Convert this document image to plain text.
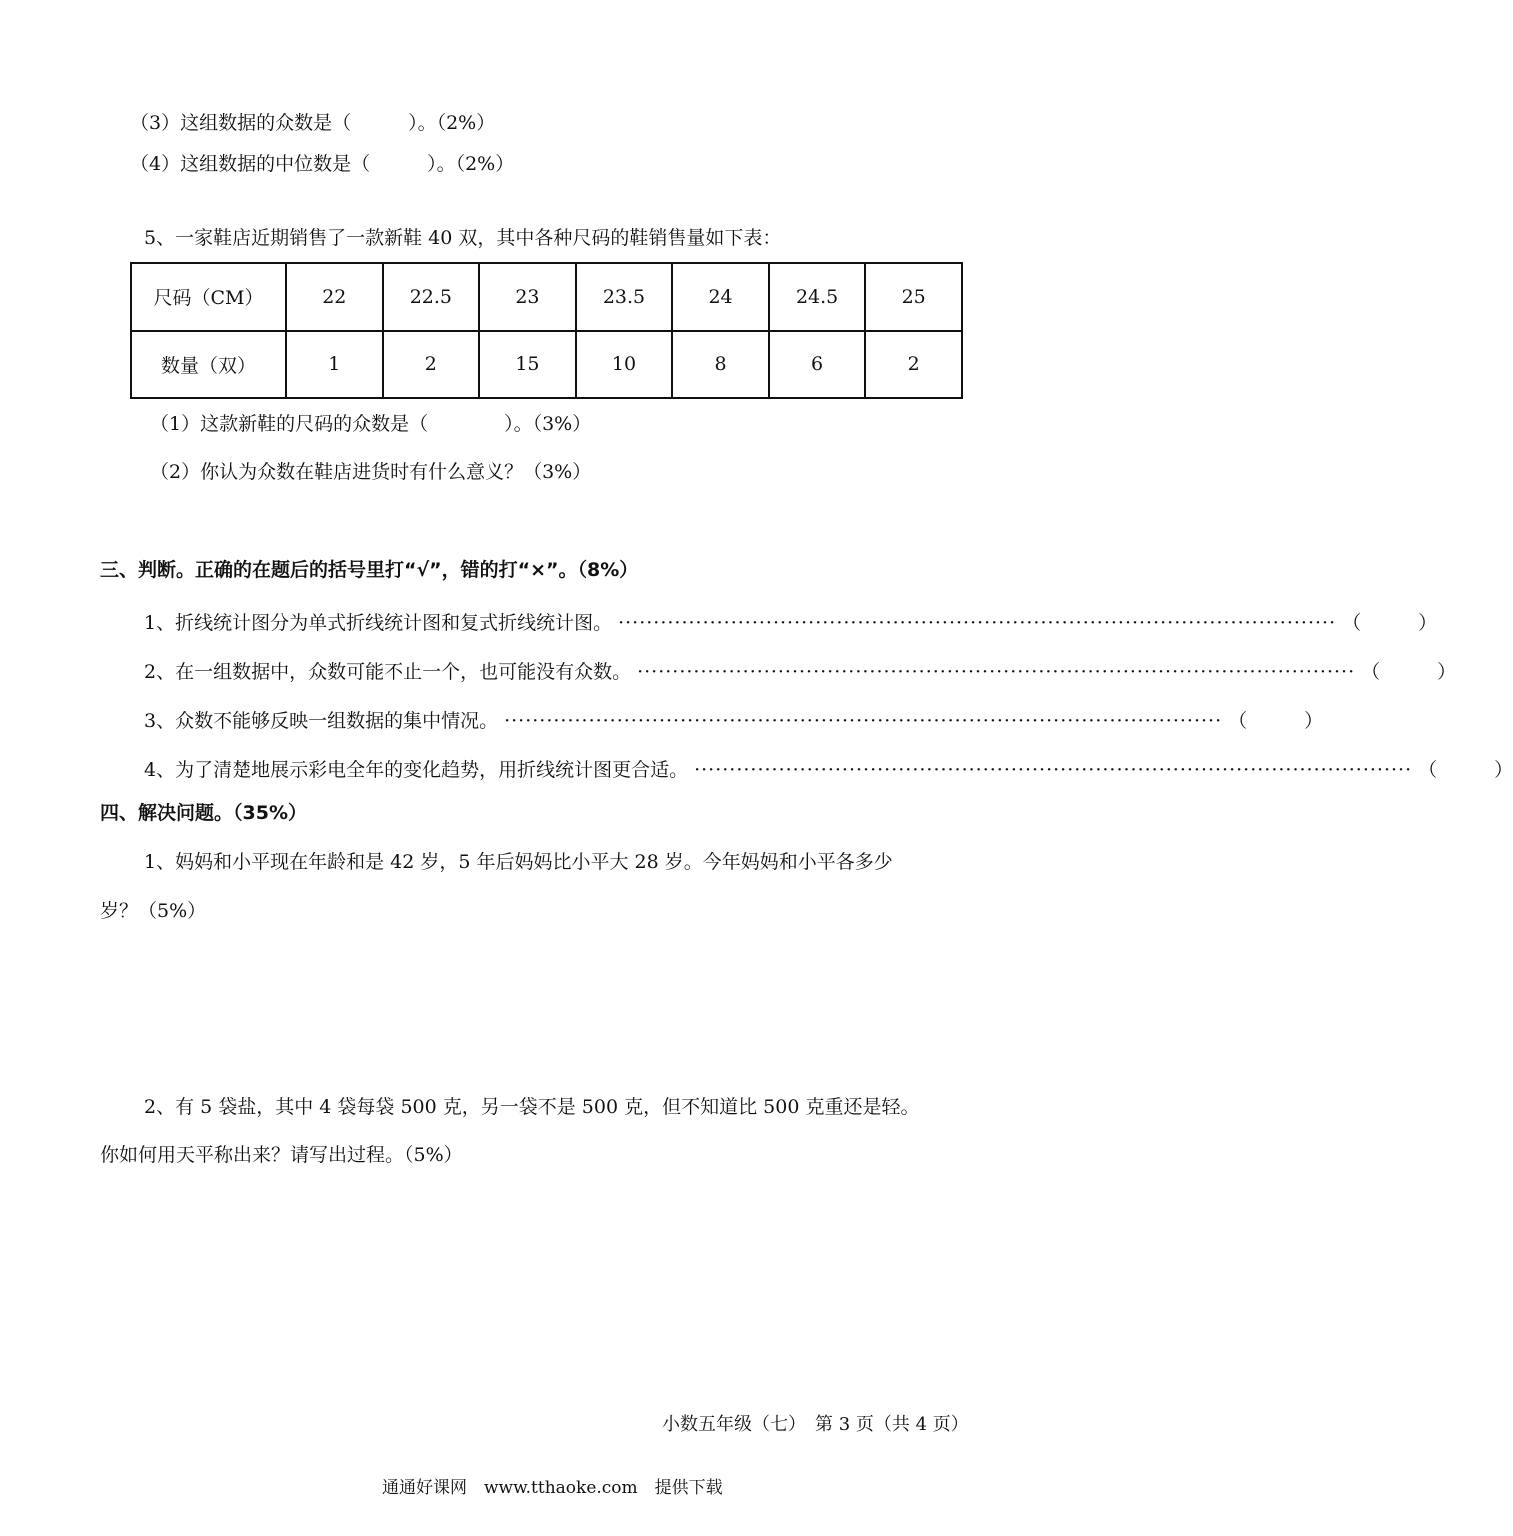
（3）这组数据的众数是（　　　）。（2%）
（4）这组数据的中位数是（　　　）。（2%）
5、一家鞋店近期销售了一款新鞋 40 双，其中各种尺码的鞋销售量如下表：
尺码（CM）	22	22.5	23	23.5	24	24.5	25
数量（双）	1	2	15	10	8	6	2
（1）这款新鞋的尺码的众数是（　　　　）。（3%）
（2）你认为众数在鞋店进货时有什么意义？（3%）
三、判断。正确的在题后的括号里打“√”，错的打“×”。（8%）
1、折线统计图分为单式折线统计图和复式折线统计图。 ······································································································ （　　　）
2、在一组数据中，众数可能不止一个，也可能没有众数。 ······································································································ （　　　）
3、众数不能够反映一组数据的集中情况。 ······································································································ （　　　）
4、为了清楚地展示彩电全年的变化趋势，用折线统计图更合适。 ······································································································ （　　　）
四、解决问题。（35%）
1、妈妈和小平现在年龄和是 42 岁，5 年后妈妈比小平大 28 岁。今年妈妈和小平各多少
岁？（5%）
2、有 5 袋盐，其中 4 袋每袋 500 克，另一袋不是 500 克，但不知道比 500 克重还是轻。
你如何用天平称出来？请写出过程。（5%）
小数五年级（七）　第 3 页（共 4 页）
通通好课网　www.tthaoke.com　提供下载
